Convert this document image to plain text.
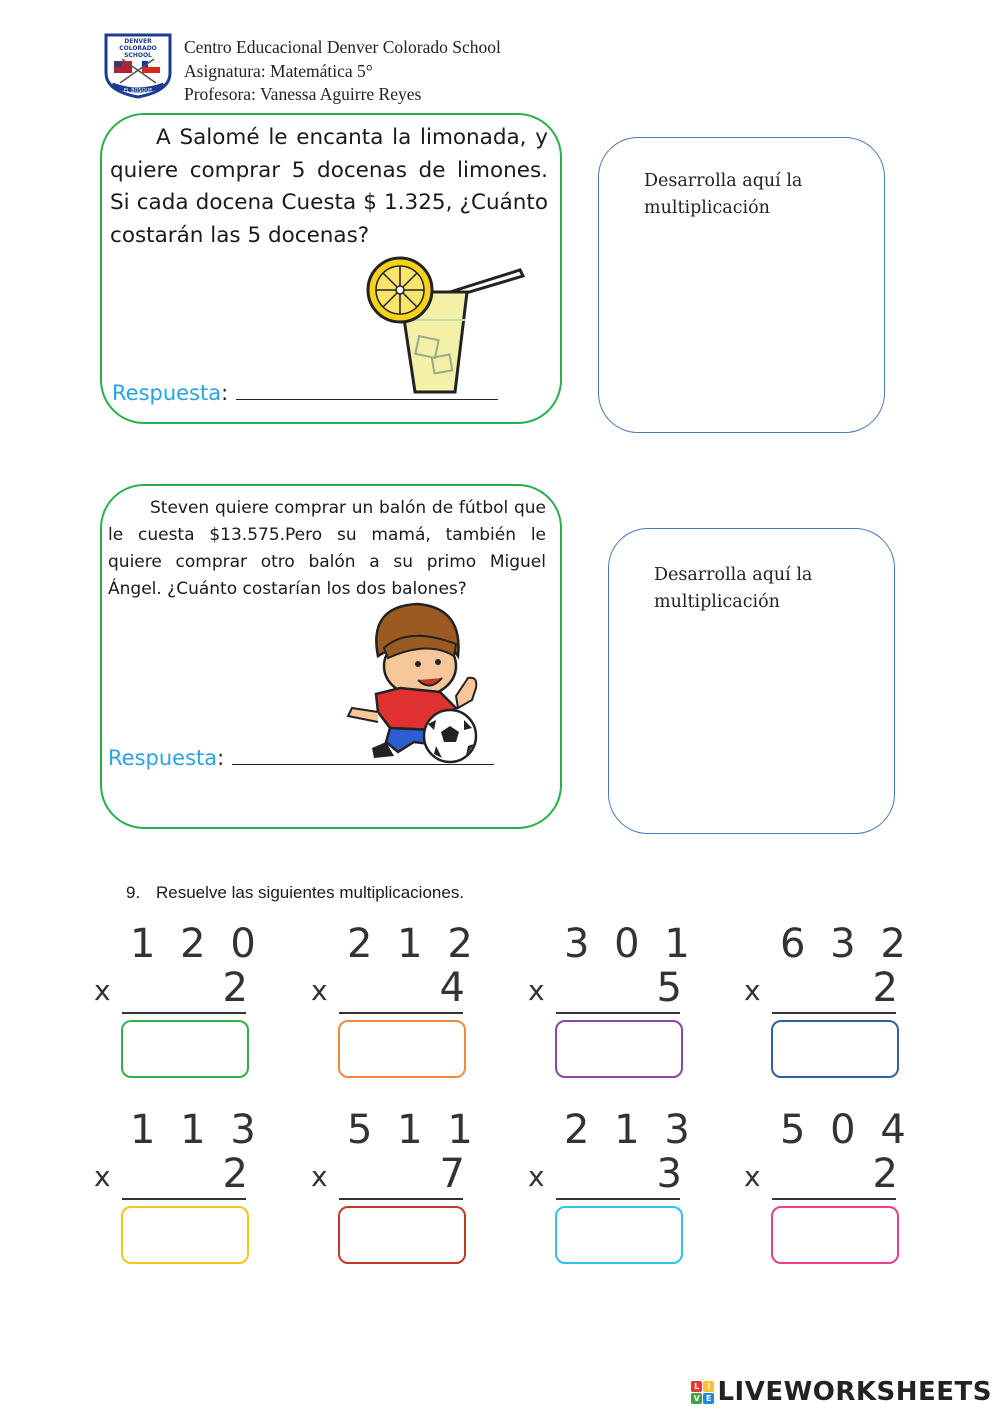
DENVER
COLORADO
SCHOOL
EL BOSQUE
Centro Educacional Denver Colorado School
Asignatura: Matemática 5°
Profesora: Vanessa Aguirre Reyes
A Salomé le encanta la limonada, y quiere comprar 5 docenas de limones. Si cada docena Cuesta $ 1.325, ¿Cuánto costarán las 5 docenas?
Respuesta:
Desarrolla aquí la
multiplicación
Steven quiere comprar un balón de fútbol que le cuesta $13.575.Pero su mamá, también le quiere comprar otro balón a su primo Miguel Ángel. ¿Cuánto costarían los dos balones?
Respuesta:
Desarrolla aquí la
multiplicación
9. Resuelve las siguientes multiplicaciones.
1 2 0
x	2
2 1 2
x	4
3 0 1
x	5
6 3 2
x	2
1 1 3
x	2
5 1 1
x	7
2 1 3
x	3
5 0 4
x	2
L I
V E LIVEWORKSHEETS
